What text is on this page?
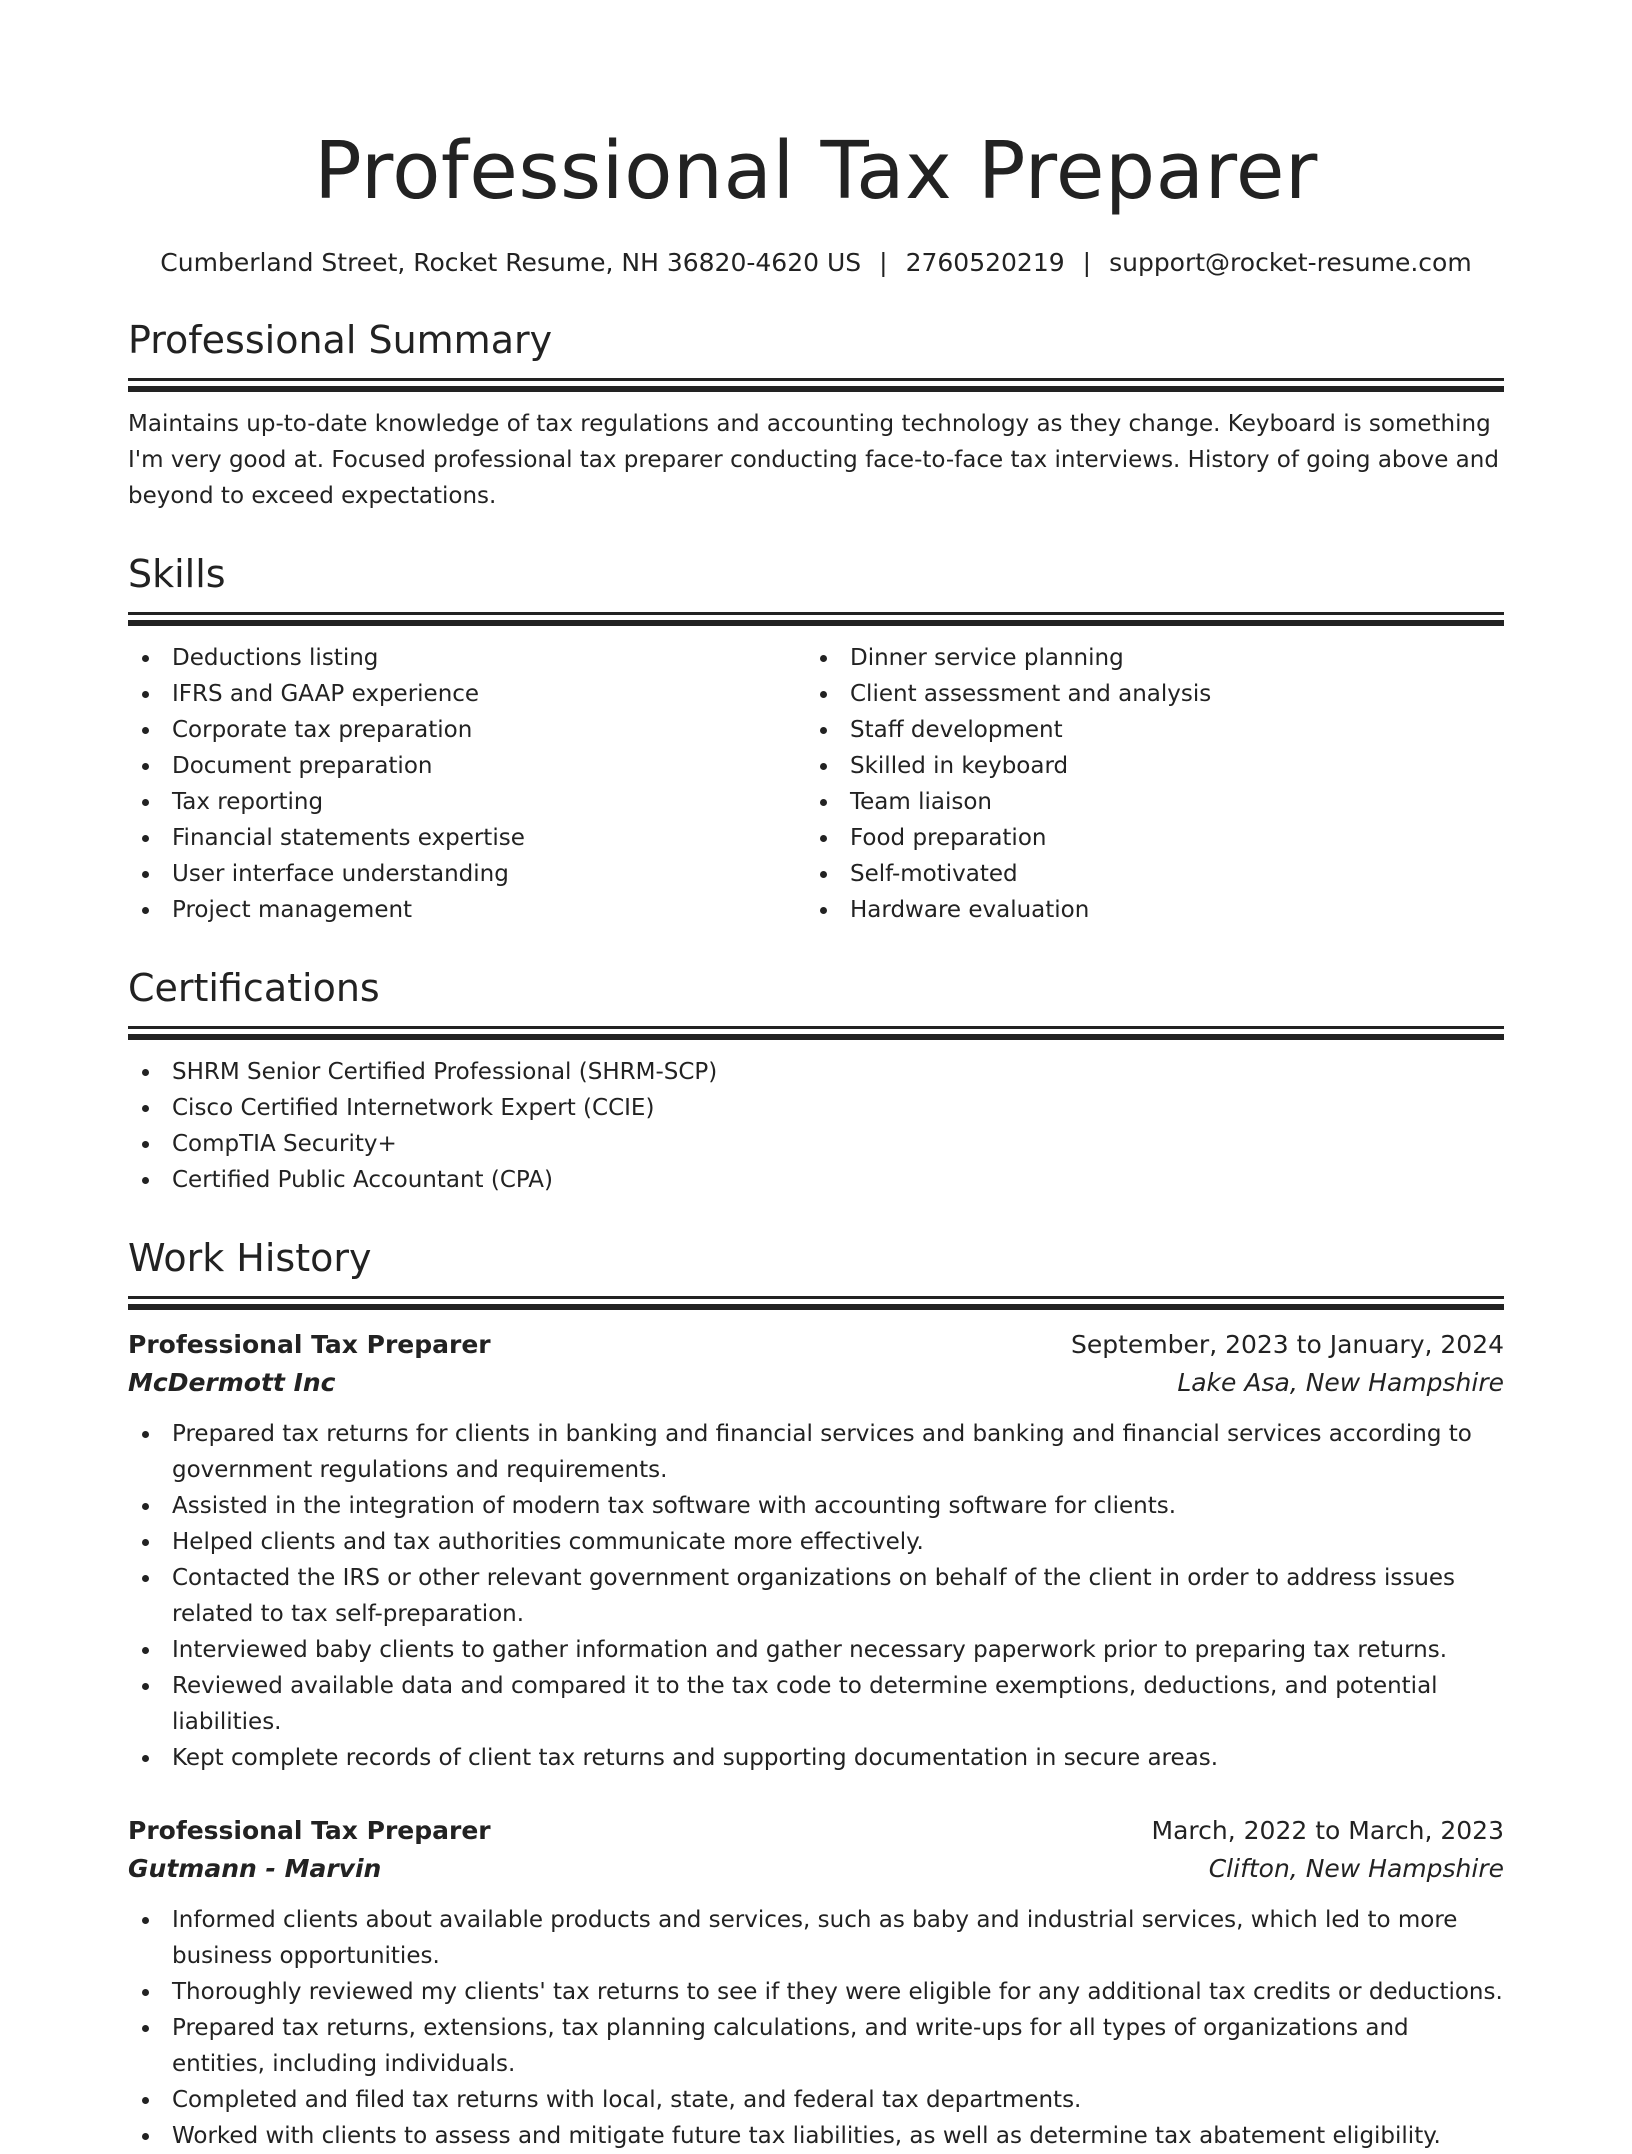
Professional Tax Preparer
Cumberland Street, Rocket Resume, NH 36820-4620 US | 2760520219 | support@rocket-resume.com
Professional Summary
Maintains up-to-date knowledge of tax regulations and accounting technology as they change. Keyboard is something I'm very good at. Focused professional tax preparer conducting face-to-face tax interviews. History of going above and beyond to exceed expectations.
Skills
Deductions listing
IFRS and GAAP experience
Corporate tax preparation
Document preparation
Tax reporting
Financial statements expertise
User interface understanding
Project management
Dinner service planning
Client assessment and analysis
Staff development
Skilled in keyboard
Team liaison
Food preparation
Self-motivated
Hardware evaluation
Certifications
SHRM Senior Certified Professional (SHRM-SCP)
Cisco Certified Internetwork Expert (CCIE)
CompTIA Security+
Certified Public Accountant (CPA)
Work History
Professional Tax Preparer	September, 2023 to January, 2024
McDermott Inc	Lake Asa, New Hampshire
Prepared tax returns for clients in banking and financial services and banking and financial services according to government regulations and requirements.
Assisted in the integration of modern tax software with accounting software for clients.
Helped clients and tax authorities communicate more effectively.
Contacted the IRS or other relevant government organizations on behalf of the client in order to address issues related to tax self-preparation.
Interviewed baby clients to gather information and gather necessary paperwork prior to preparing tax returns.
Reviewed available data and compared it to the tax code to determine exemptions, deductions, and potential liabilities.
Kept complete records of client tax returns and supporting documentation in secure areas.
Professional Tax Preparer	March, 2022 to March, 2023
Gutmann - Marvin	Clifton, New Hampshire
Informed clients about available products and services, such as baby and industrial services, which led to more business opportunities.
Thoroughly reviewed my clients' tax returns to see if they were eligible for any additional tax credits or deductions.
Prepared tax returns, extensions, tax planning calculations, and write-ups for all types of organizations and entities, including individuals.
Completed and filed tax returns with local, state, and federal tax departments.
Worked with clients to assess and mitigate future tax liabilities, as well as determine tax abatement eligibility.
